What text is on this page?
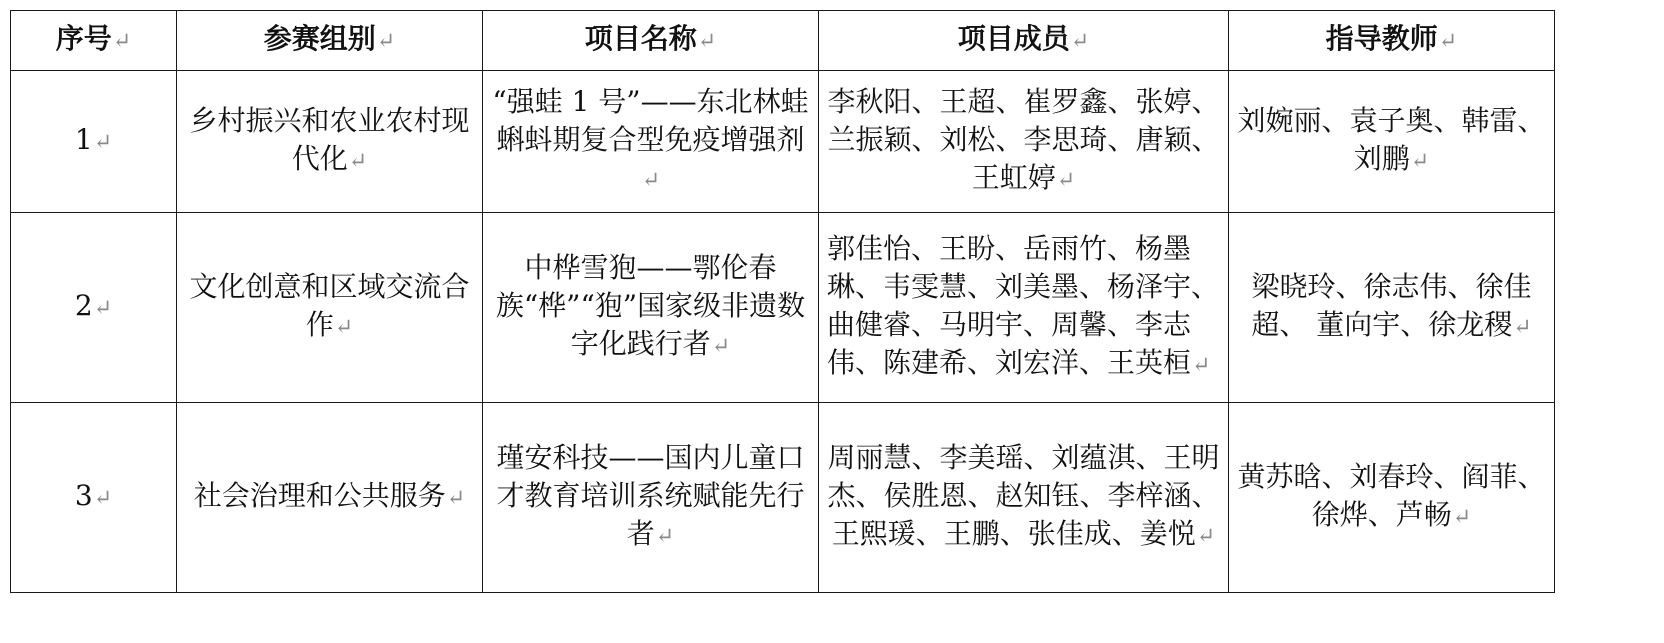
序号↵	参赛组别↵	项目名称↵	项目成员↵	指导教师↵
1↵	乡村振兴和农业农村现代化↵	“强蛙 1 号”——东北林蛙蝌蚪期复合型免疫增强剂↵	李秋阳、王超、崔罗鑫、张婷、兰振颖、刘松、李思琦、唐颖、王虹婷↵	刘婉丽、袁子奥、韩雷、刘鹏↵

2↵	文化创意和区域交流合作↵	中桦雪狍——鄂伦春族“桦”“狍”国家级非遗数字化践行者↵	郭佳怡、王盼、岳雨竹、杨墨琳、韦雯慧、刘美墨、杨泽宇、曲健睿、马明宇、周馨、李志伟、陈建希、刘宏洋、王英桓↵	梁晓玲、徐志伟、徐佳超、 董向宇、徐龙稷↵

3↵	社会治理和公共服务↵	瑾安科技——国内儿童口才教育培训系统赋能先行者↵	周丽慧、李美瑶、刘蕴淇、王明杰、侯胜恩、赵知钰、李梓涵、王熙瑗、王鹏、张佳成、姜悦↵	黄苏晗、刘春玲、阎菲、徐烨、芦畅↵
